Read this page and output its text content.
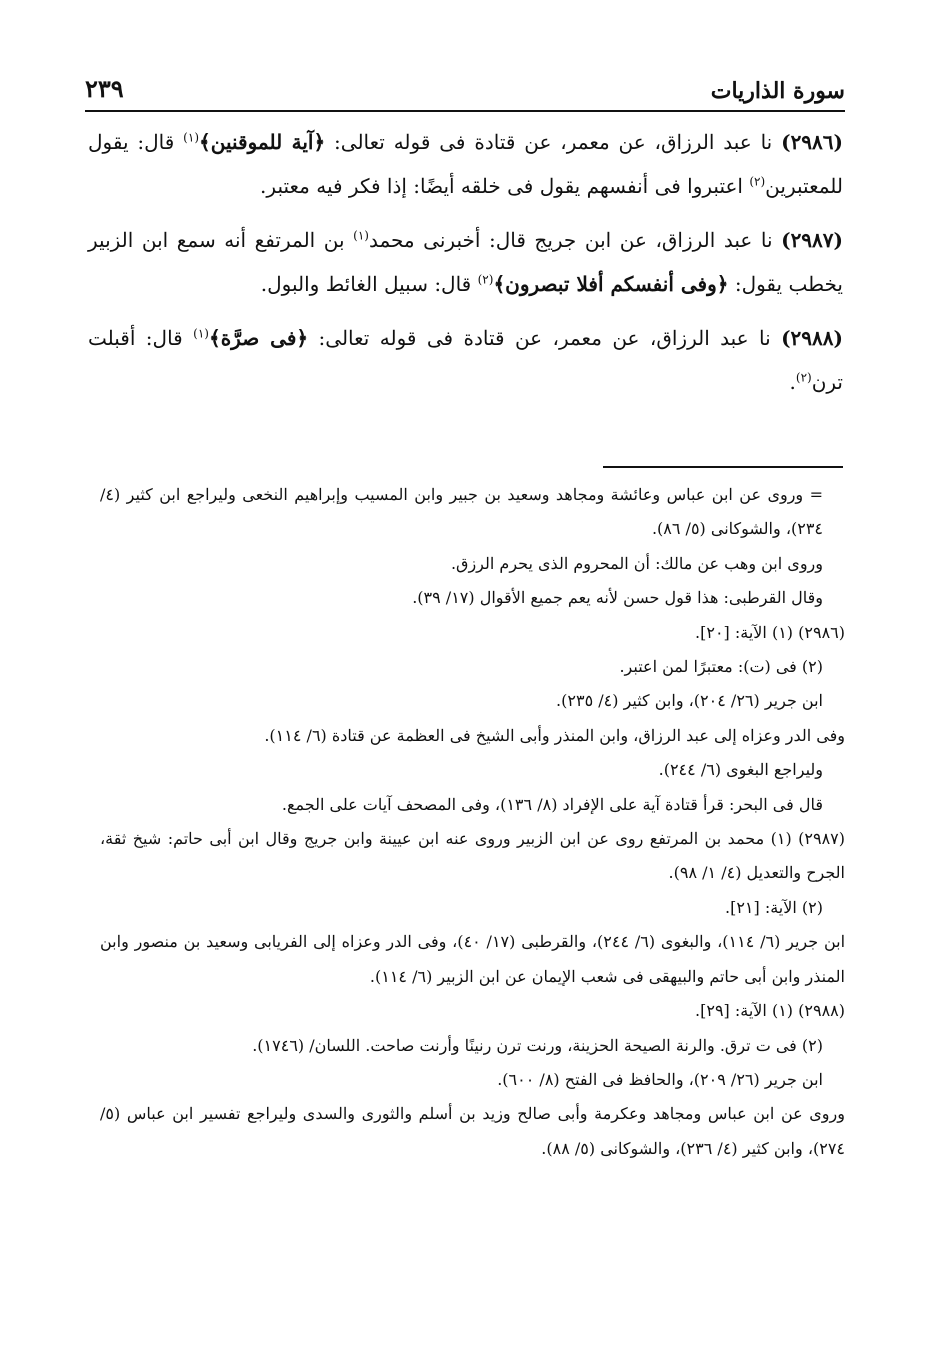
سورة الذاريات
٢٣٩

(٢٩٨٦) نا عبد الرزاق، عن معمر، عن قتادة فى قوله تعالى: ﴿آية للموقنين﴾$^{(١)}$ قال: يقول للمعتبرين$^{(٢)}$ اعتبروا فى أنفسهم يقول فى خلقه أيضًا: إذا فكر فيه معتبر.

(٢٩٨٧) نا عبد الرزاق، عن ابن جريج قال: أخبرنى محمد$^{(١)}$ بن المرتفع أنه سمع ابن الزبير يخطب يقول: ﴿وفى أنفسكم أفلا تبصرون﴾$^{(٢)}$ قال: سبيل الغائط والبول.

(٢٩٨٨) نا عبد الرزاق، عن معمر، عن قتادة فى قوله تعالى: ﴿فى صرَّة﴾$^{(١)}$ قال: أقبلت ترن$^{(٢)}$.

= وروى عن ابن عباس وعائشة ومجاهد وسعيد بن جبير وابن المسيب وإبراهيم النخعى وليراجع ابن كثير (٤/ ٢٣٤)، والشوكانى (٥/ ٨٦).

وروى ابن وهب عن مالك: أن المحروم الذى يحرم الرزق.

وقال القرطبى: هذا قول حسن لأنه يعم جميع الأقوال (١٧/ ٣٩).

(٢٩٨٦) (١) الآية: [٢٠].

(٢) فى (ت): معتبرًا لمن اعتبر.

ابن جرير (٢٦/ ٢٠٤)، وابن كثير (٤/ ٢٣٥).

وفى الدر وعزاه إلى عبد الرزاق، وابن المنذر وأبى الشيخ فى العظمة عن قتادة (٦/ ١١٤).

وليراجع البغوى (٦/ ٢٤٤).

قال فى البحر: قرأ قتادة آية على الإفراد (٨/ ١٣٦)، وفى المصحف آيات على الجمع.

(٢٩٨٧) (١) محمد بن المرتفع روى عن ابن الزبير وروى عنه ابن عيينة وابن جريج وقال ابن أبى حاتم: شيخ ثقة، الجرح والتعديل (٤/ ١/ ٩٨).

(٢) الآية: [٢١].

ابن جرير (٦/ ١١٤)، والبغوى (٦/ ٢٤٤)، والقرطبى (١٧/ ٤٠)، وفى الدر وعزاه إلى الفريابى وسعيد بن منصور وابن المنذر وابن أبى حاتم والبيهقى فى شعب الإيمان عن ابن الزبير (٦/ ١١٤).

(٢٩٨٨) (١) الآية: [٢٩].

(٢) فى ت ترق. والرنة الصيحة الحزينة، ورنت ترن رنينًا وأرنت صاحت. اللسان/ (١٧٤٦).

ابن جرير (٢٦/ ٢٠٩)، والحافظ فى الفتح (٨/ ٦٠٠).

وروى عن ابن عباس ومجاهد وعكرمة وأبى صالح وزيد بن أسلم والثورى والسدى وليراجع تفسير ابن عباس (٥/ ٢٧٤)، وابن كثير (٤/ ٢٣٦)، والشوكانى (٥/ ٨٨).
